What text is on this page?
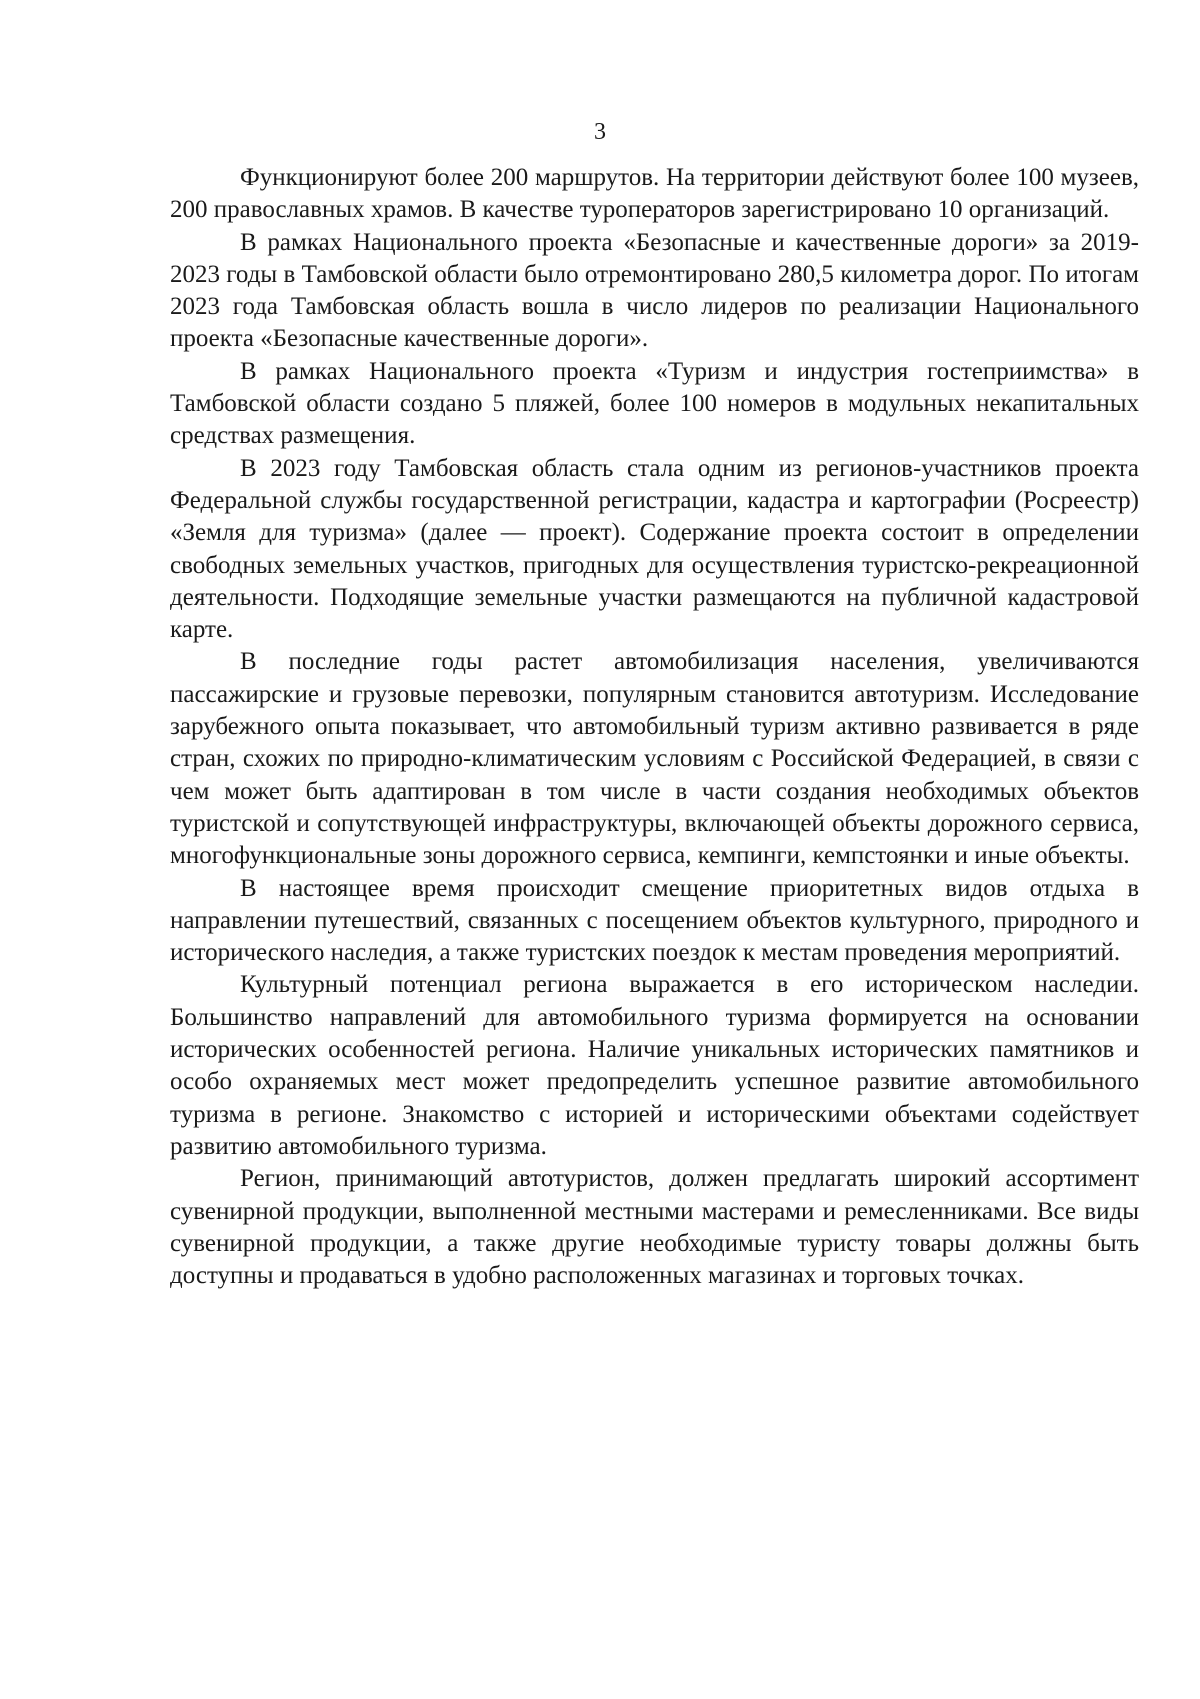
3

Функционируют более 200 маршрутов. На территории действуют более 100 музеев, 200 православных храмов. В качестве туроператоров зарегистрировано 10 организаций.

В рамках Национального проекта «Безопасные и качественные дороги» за 2019-2023 годы в Тамбовской области было отремонтировано 280,5 километра дорог. По итогам 2023 года Тамбовская область вошла в число лидеров по реализации Национального проекта «Безопасные качественные дороги».

В рамках Национального проекта «Туризм и индустрия гостеприимства» в Тамбовской области создано 5 пляжей, более 100 номеров в модульных некапитальных средствах размещения.

В 2023 году Тамбовская область стала одним из регионов-участников проекта Федеральной службы государственной регистрации, кадастра и картографии (Росреестр) «Земля для туризма» (далее — проект). Содержание проекта состоит в определении свободных земельных участков, пригодных для осуществления туристско-рекреационной деятельности. Подходящие земельные участки размещаются на публичной кадастровой карте.

В последние годы растет автомобилизация населения, увеличиваются пассажирские и грузовые перевозки, популярным становится автотуризм. Исследование зарубежного опыта показывает, что автомобильный туризм активно развивается в ряде стран, схожих по природно-климатическим условиям с Российской Федерацией, в связи с чем может быть адаптирован в том числе в части создания необходимых объектов туристской и сопутствующей инфраструктуры, включающей объекты дорожного сервиса, многофункциональные зоны дорожного сервиса, кемпинги, кемпстоянки и иные объекты.

В настоящее время происходит смещение приоритетных видов отдыха в направлении путешествий, связанных с посещением объектов культурного, природного и исторического наследия, а также туристских поездок к местам проведения мероприятий.

Культурный потенциал региона выражается в его историческом наследии. Большинство направлений для автомобильного туризма формируется на основании исторических особенностей региона. Наличие уникальных исторических памятников и особо охраняемых мест может предопределить успешное развитие автомобильного туризма в регионе. Знакомство с историей и историческими объектами содействует развитию автомобильного туризма.

Регион, принимающий автотуристов, должен предлагать широкий ассортимент сувенирной продукции, выполненной местными мастерами и ремесленниками. Все виды сувенирной продукции, а также другие необходимые туристу товары должны быть доступны и продаваться в удобно расположенных магазинах и торговых точках.
